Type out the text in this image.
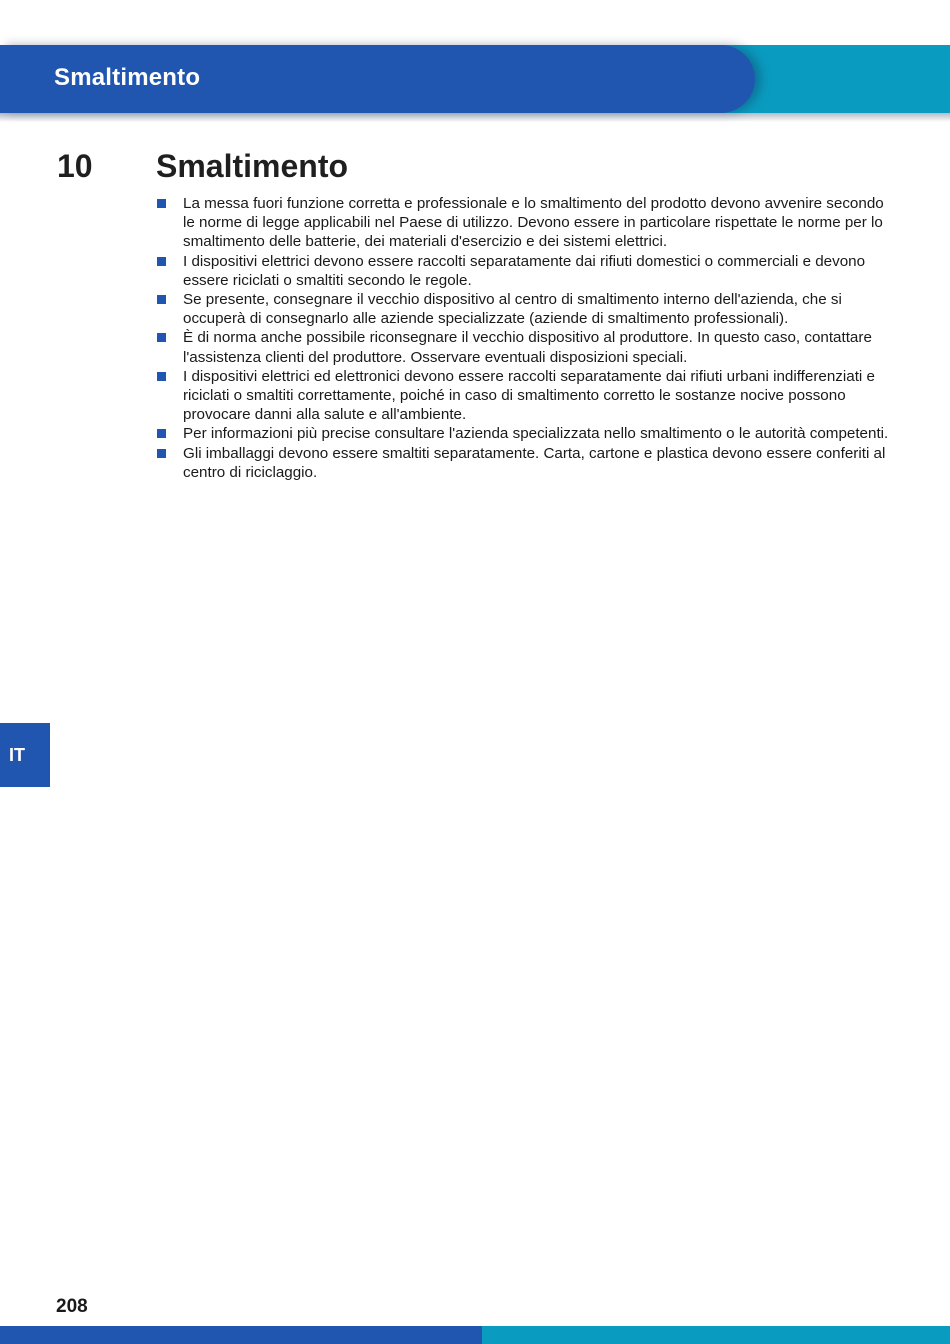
Smaltimento
10 Smaltimento
La messa fuori funzione corretta e professionale e lo smaltimento del prodotto devono avvenire secondo le norme di legge applicabili nel Paese di utilizzo. Devono essere in particolare rispettate le norme per lo smaltimento delle batterie, dei materiali d'esercizio e dei sistemi elettrici.
I dispositivi elettrici devono essere raccolti separatamente dai rifiuti domestici o commerciali e devono essere riciclati o smaltiti secondo le regole.
Se presente, consegnare il vecchio dispositivo al centro di smaltimento interno dell'azienda, che si occuperà di consegnarlo alle aziende specializzate (aziende di smaltimento professionali).
È di norma anche possibile riconsegnare il vecchio dispositivo al produttore. In questo caso, contattare l'assistenza clienti del produttore. Osservare eventuali disposizioni speciali.
I dispositivi elettrici ed elettronici devono essere raccolti separatamente dai rifiuti urbani indifferenziati e riciclati o smaltiti correttamente, poiché in caso di smaltimento corretto le sostanze nocive possono provocare danni alla salute e all'ambiente.
Per informazioni più precise consultare l'azienda specializzata nello smaltimento o le autorità competenti.
Gli imballaggi devono essere smaltiti separatamente. Carta, cartone e plastica devono essere conferiti al centro di riciclaggio.
IT
208
